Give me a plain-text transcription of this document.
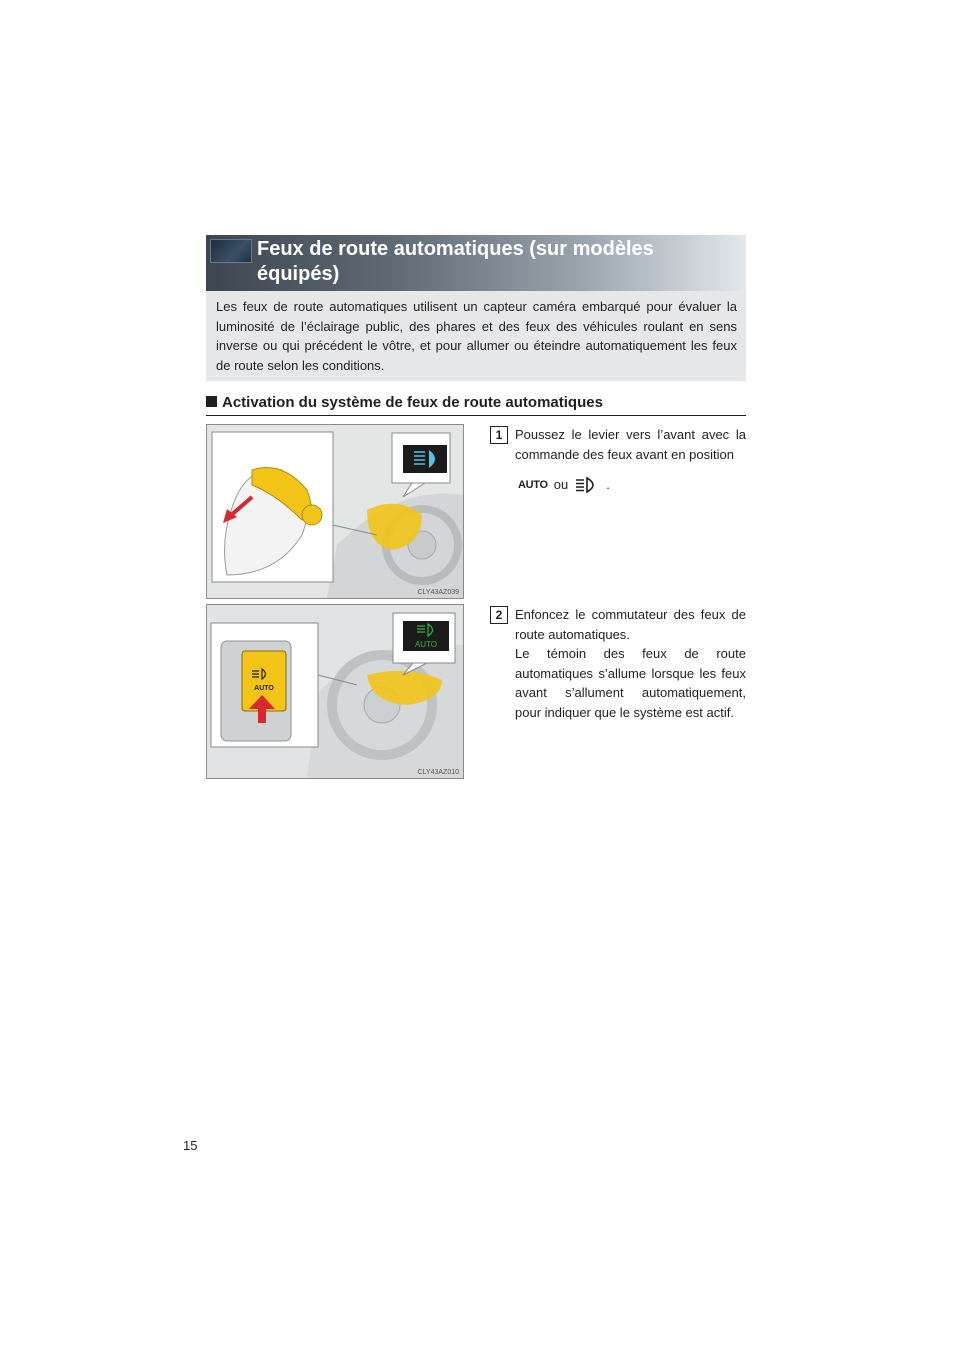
Feux de route automatiques (sur modèles équipés)
Les feux de route automatiques utilisent un capteur caméra embarqué pour évaluer la luminosité de l’éclairage public, des phares et des feux des véhicules roulant en sens inverse ou qui précédent le vôtre, et pour allumer ou éteindre automatiquement les feux de route selon les conditions.
Activation du système de feux de route automatiques
CLY43AZ039
1 Poussez le levier vers l’avant avec la commande des feux avant en position
AUTO ou	.
AUTO
AUTO
CLY43AZ010
2 Enfoncez le commutateur des feux de route automatiques.
Le témoin des feux de route automatiques s’allume lorsque les feux avant s’allument automatiquement, pour indiquer que le système est actif.
15
